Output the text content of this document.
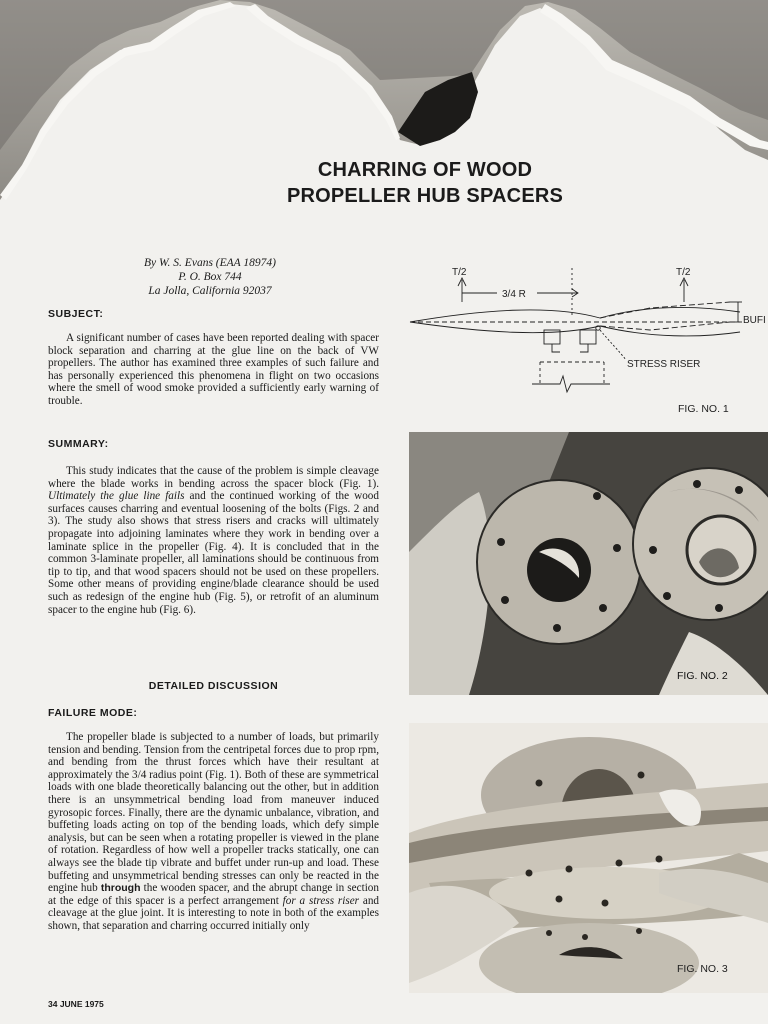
CHARRING OF WOOD
PROPELLER HUB SPACERS
By W. S. Evans (EAA 18974)
P. O. Box 744
La Jolla, California 92037
SUBJECT:

A significant number of cases have been reported dealing with spacer block separation and charring at the glue line on the back of VW propellers. The author has examined three examples of such failure and has personally experienced this phenomena in flight on two occasions where the smell of wood smoke provided a sufficiently early warning of trouble.

SUMMARY:

This study indicates that the cause of the problem is simple cleavage where the blade works in bending across the spacer block (Fig. 1). Ultimately the glue line fails and the continued working of the wood surfaces causes charring and eventual loosening of the bolts (Figs. 2 and 3). The study also shows that stress risers and cracks will ultimately propagate into adjoining laminates where they work in bending over a laminate splice in the propeller (Fig. 4). It is concluded that in the common 3-laminate propeller, all laminations should be continuous from tip to tip, and that wood spacers should not be used on these propellers. Some other means of providing engine/blade clearance should be used such as redesign of the engine hub (Fig. 5), or retrofit of an aluminum spacer to the engine hub (Fig. 6).

DETAILED DISCUSSION
FAILURE MODE:

The propeller blade is subjected to a number of loads, but primarily tension and bending. Tension from the centripetal forces due to prop rpm, and bending from the thrust forces which have their resultant at approximately the 3/4 radius point (Fig. 1). Both of these are symmetrical loads with one blade theoretically balancing out the other, but in addition there is an unsymmetrical bending load from maneuver induced gyrosopic forces. Finally, there are the dynamic unbalance, vibration, and buffeting loads acting on top of the bending loads, which defy simple analysis, but can be seen when a rotating propeller is viewed in the plane of rotation. Regardless of how well a propeller tracks statically, one can always see the blade tip vibrate and buffet under run-up and load. These buffeting and unsymmetrical bending stresses can only be reacted in the engine hub through the wooden spacer, and the abrupt change in section at the edge of this spacer is a perfect arrangement for a stress riser and cleavage at the glue joint. It is interesting to note in both of the examples shown, that separation and charring occurred initially only

34 JUNE 1975
T/2	T/2
3/4 R
BUFI
STRESS RISER
FIG. NO. 1
FIG. NO. 2
FIG. NO. 3
